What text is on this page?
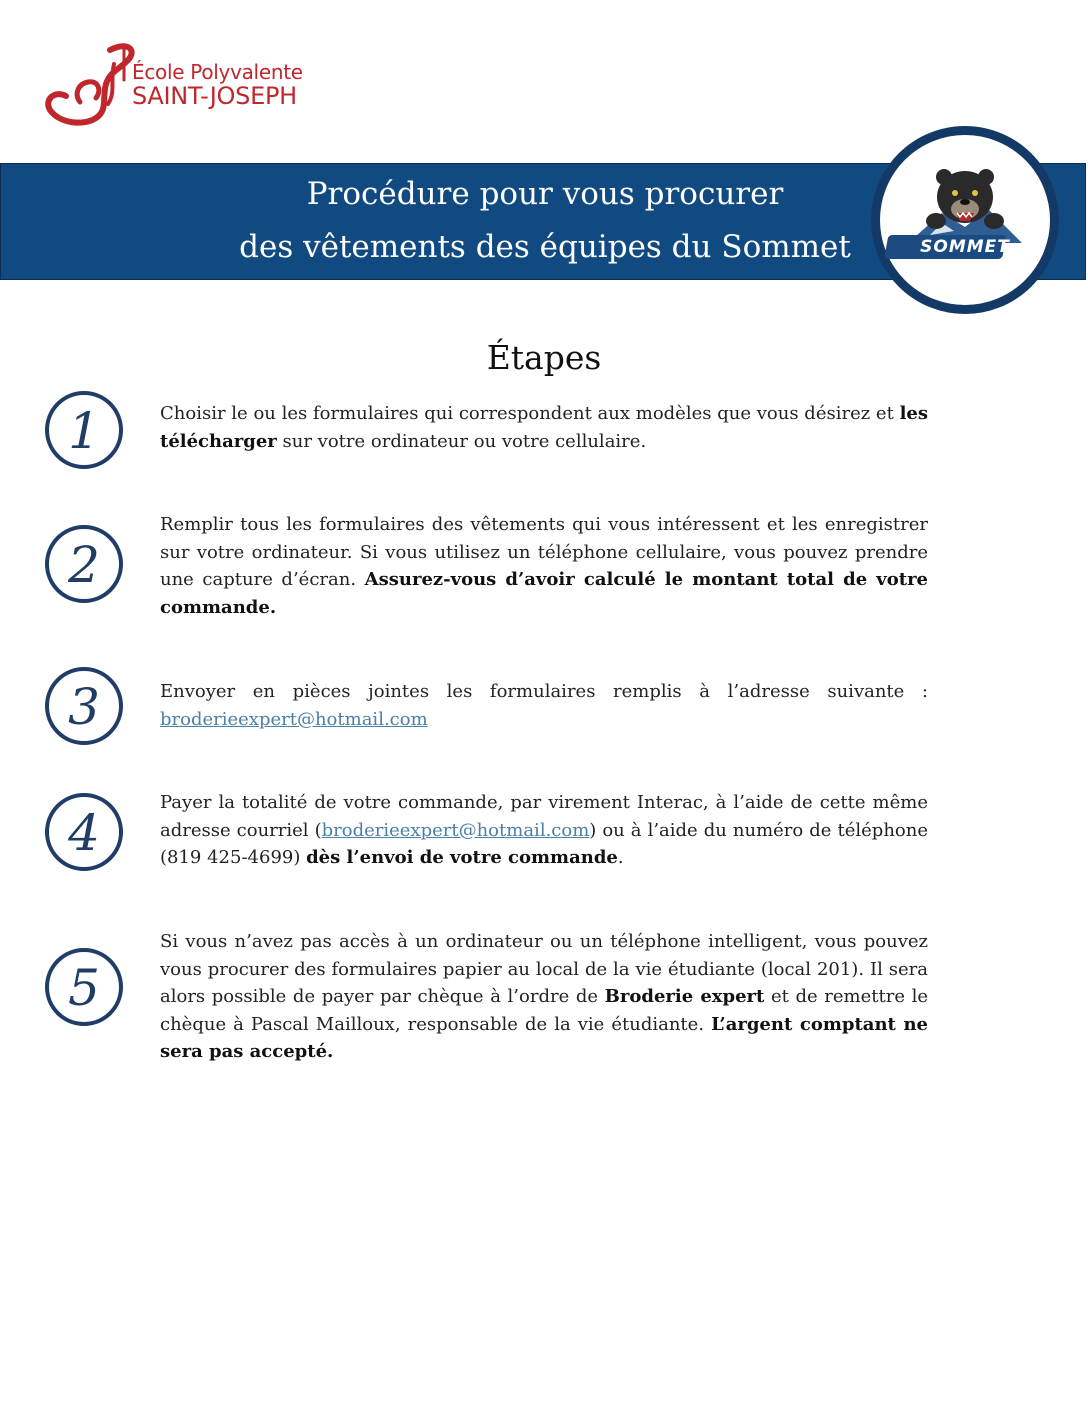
École Polyvalente
SAINT-JOSEPH
Procédure pour vous procurer
des vêtements des équipes du Sommet	SOMMET
Étapes
1	Choisir le ou les formulaires qui correspondent aux modèles que vous désirez et les télécharger sur votre ordinateur ou votre cellulaire.
2
Remplir tous les formulaires des vêtements qui vous intéressent et les enregistrer sur votre ordinateur. Si vous utilisez un téléphone cellulaire, vous pouvez prendre une capture d’écran. Assurez-vous d’avoir calculé le montant total de votre commande.
3	Envoyer en pièces jointes les formulaires remplis à l’adresse suivante : broderieexpert@hotmail.com
4
Payer la totalité de votre commande, par virement Interac, à l’aide de cette même adresse courriel (broderieexpert@hotmail.com) ou à l’aide du numéro de téléphone (819 425-4699) dès l’envoi de votre commande.
5
Si vous n’avez pas accès à un ordinateur ou un téléphone intelligent, vous pouvez vous procurer des formulaires papier au local de la vie étudiante (local 201). Il sera alors possible de payer par chèque à l’ordre de Broderie expert et de remettre le chèque à Pascal Mailloux, responsable de la vie étudiante. L’argent comptant ne sera pas accepté.
